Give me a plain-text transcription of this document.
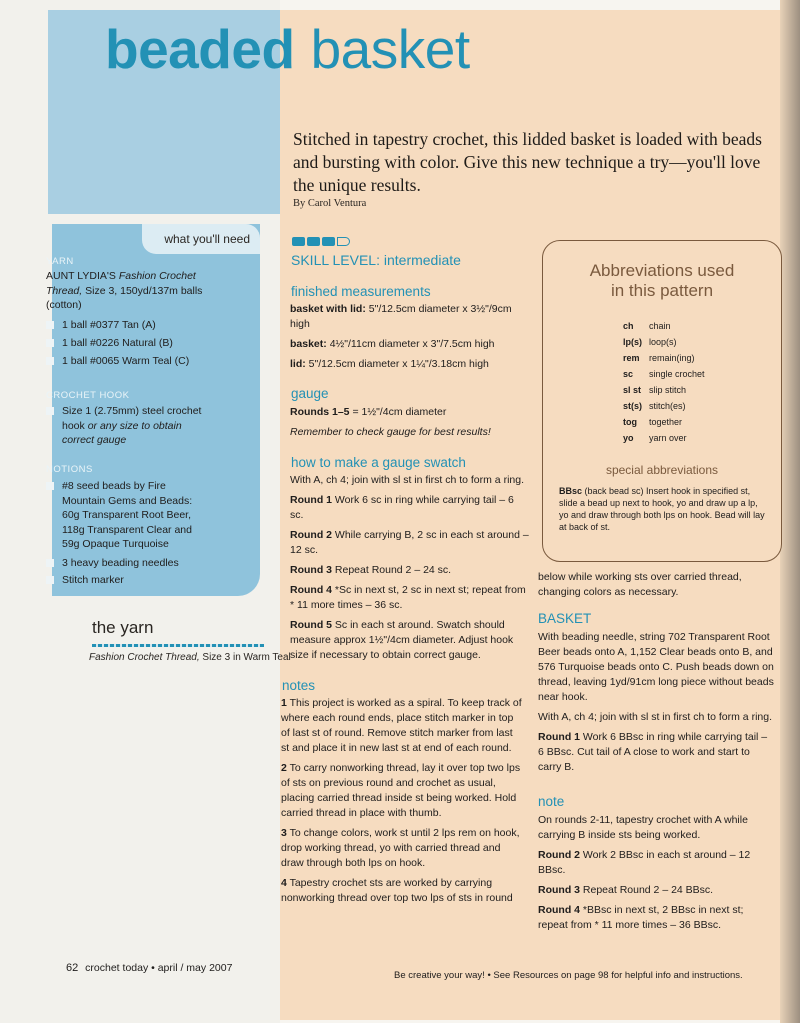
beaded basket
Stitched in tapestry crochet, this lidded basket is loaded with beads and bursting with color. Give this new technique a try—you'll love the unique results.
By Carol Ventura
what you'll need
YARN
AUNT LYDIA'S Fashion Crochet Thread, Size 3, 150yd/137m balls (cotton)
1 ball #0377 Tan (A)
1 ball #0226 Natural (B)
1 ball #0065 Warm Teal (C)
CROCHET HOOK
Size 1 (2.75mm) steel crochet hook or any size to obtain correct gauge
NOTIONS
#8 seed beads by Fire Mountain Gems and Beads: 60g Transparent Root Beer, 118g Transparent Clear and 59g Opaque Turquoise
3 heavy beading needles
Stitch marker
the yarn
Fashion Crochet Thread, Size 3 in Warm Teal
SKILL LEVEL: intermediate
finished measurements

basket with lid: 5"/12.5cm diameter x 3½"/9cm high

basket: 4½"/11cm diameter x 3"/7.5cm high

lid: 5"/12.5cm diameter x 1¼"/3.18cm high

gauge

Rounds 1–5 = 1½"/4cm diameter

Remember to check gauge for best results!

how to make a gauge swatch

With A, ch 4; join with sl st in first ch to form a ring.

Round 1 Work 6 sc in ring while carrying tail – 6 sc.

Round 2 While carrying B, 2 sc in each st around – 12 sc.

Round 3 Repeat Round 2 – 24 sc.

Round 4 *Sc in next st, 2 sc in next st; repeat from * 11 more times – 36 sc.

Round 5 Sc in each st around. Swatch should measure approx 1½"/4cm diameter. Adjust hook size if necessary to obtain correct gauge.

notes

1 This project is worked as a spiral. To keep track of where each round ends, place stitch marker in top of last st of round. Remove stitch marker from last st and place it in new last st at end of each round.

2 To carry nonworking thread, lay it over top two lps of sts on previous round and crochet as usual, placing carried thread inside st being worked. Hold carried thread in place with thumb.

3 To change colors, work st until 2 lps rem on hook, drop working thread, yo with carried thread and draw through both lps on hook.

4 Tapestry crochet sts are worked by carrying nonworking thread over top two lps of sts in round

Abbreviations used
in this pattern
ch chain
lp(s) loop(s)
rem remain(ing)
sc single crochet
sl st slip stitch
st(s) stitch(es)
tog together
yo yarn over
special abbreviations
BBsc (back bead sc) Insert hook in specified st, slide a bead up next to hook, yo and draw up a lp, yo and draw through both lps on hook. Bead will lay at back of st.
below while working sts over carried thread, changing colors as necessary.
BASKET

With beading needle, string 702 Transparent Root Beer beads onto A, 1,152 Clear beads onto B, and 576 Turquoise beads onto C. Push beads down on thread, leaving 1yd/91cm long piece without beads near hook.

With A, ch 4; join with sl st in first ch to form a ring.

Round 1 Work 6 BBsc in ring while carrying tail – 6 BBsc. Cut tail of A close to work and start to carry B.

note

On rounds 2-11, tapestry crochet with A while carrying B inside sts being worked.

Round 2 Work 2 BBsc in each st around – 12 BBsc.

Round 3 Repeat Round 2 – 24 BBsc.

Round 4 *BBsc in next st, 2 BBsc in next st; repeat from * 11 more times – 36 BBsc.

62 crochet today • april / may 2007
Be creative your way! • See Resources on page 98 for helpful info and instructions.
